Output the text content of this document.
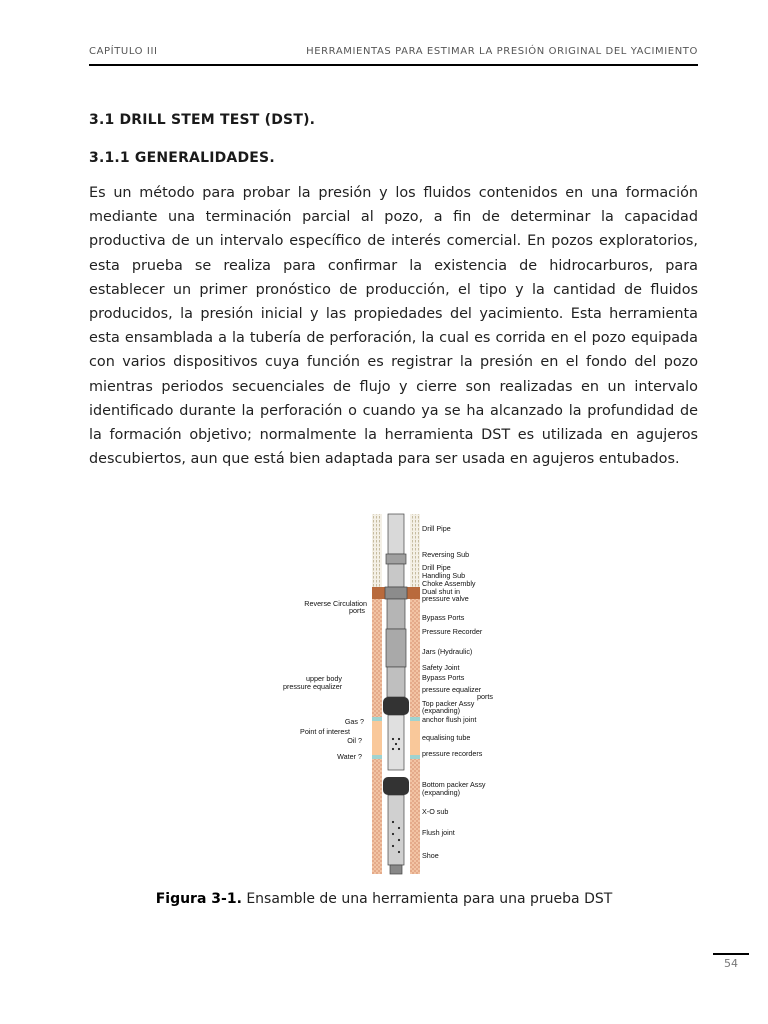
CAPÍTULO III	HERRAMIENTAS PARA ESTIMAR LA PRESIÓN ORIGINAL DEL YACIMIENTO
3.1 DRILL STEM TEST (DST).
3.1.1 GENERALIDADES.
Es un método para probar la presión y los fluidos contenidos en una formación mediante una terminación parcial al pozo, a fin de determinar la capacidad productiva de un intervalo específico de interés comercial. En pozos exploratorios, esta prueba se realiza para confirmar la existencia de hidrocarburos, para establecer un primer pronóstico de producción, el tipo y la cantidad de fluidos producidos, la presión inicial y las propiedades del yacimiento. Esta herramienta esta ensamblada a la tubería de perforación, la cual es corrida en el pozo equipada con varios dispositivos cuya función es registrar la presión en el fondo del pozo mientras periodos secuenciales de flujo y cierre son realizadas en un intervalo identificado durante la perforación o cuando ya se ha alcanzado la profundidad de la formación objetivo; normalmente la herramienta DST es utilizada en agujeros descubiertos, aun que está bien adaptada para ser usada en agujeros entubados.
Drill Pipe
Reversing Sub
Drill Pipe
Handling Sub
Choke Assembly
Dual shut in
pressure valve
Bypass Ports
Pressure Recorder
Jars (Hydraulic)
Safety Joint
Bypass Ports
pressure equalizer
ports
Top packer Assy
(expanding)
anchor flush joint
equalising tube
pressure recorders
Bottom packer Assy
(expanding)
X-O sub
Flush joint
Shoe
Reverse Circulation
ports
upper body
pressure equalizer
Gas ?
Point of interest
Oil ?
Water ?
Figura 3-1. Ensamble de una herramienta para una prueba DST
54
